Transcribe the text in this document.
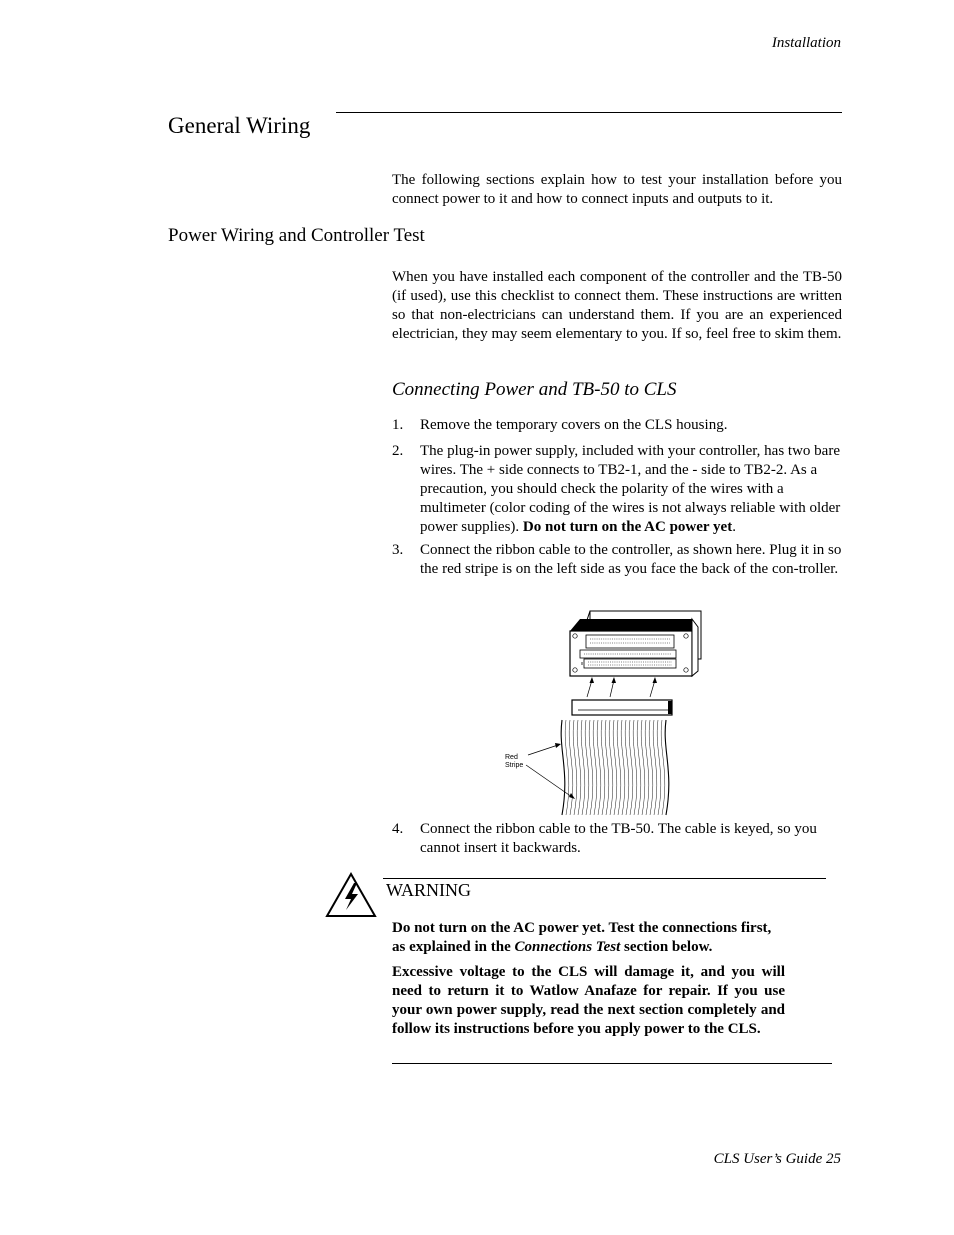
Installation
General Wiring
The following sections explain how to test your installation before you connect power to it and how to connect inputs and outputs to it.
Power Wiring and Controller Test
When you have installed each component of the controller and the TB-50 (if used), use this checklist to connect them. These instructions are written so that non-electricians can understand them. If you are an experienced electrician, they may seem elementary to you. If so, feel free to skim them.
Connecting Power and TB-50 to CLS
1. Remove the temporary covers on the CLS housing.
2. The plug-in power supply, included with your controller, has two bare wires. The + side connects to TB2-1, and the - side to TB2-2. As a precaution, you should check the polarity of the wires with a multimeter (color coding of the wires is not always reliable with older power supplies). Do not turn on the AC power yet.
3. Connect the ribbon cable to the controller, as shown here. Plug it in so the red stripe is on the left side as you face the back of the con-troller.
Red
Stripe
4. Connect the ribbon cable to the TB-50. The cable is keyed, so you cannot insert it backwards.
WARNING
Do not turn on the AC power yet. Test the connections first, as explained in the Connections Test section below.
Excessive voltage to the CLS will damage it, and you will need to return it to Watlow Anafaze for repair. If you use your own power supply, read the next section completely and follow its instructions before you apply power to the CLS.
CLS User’s Guide 25
